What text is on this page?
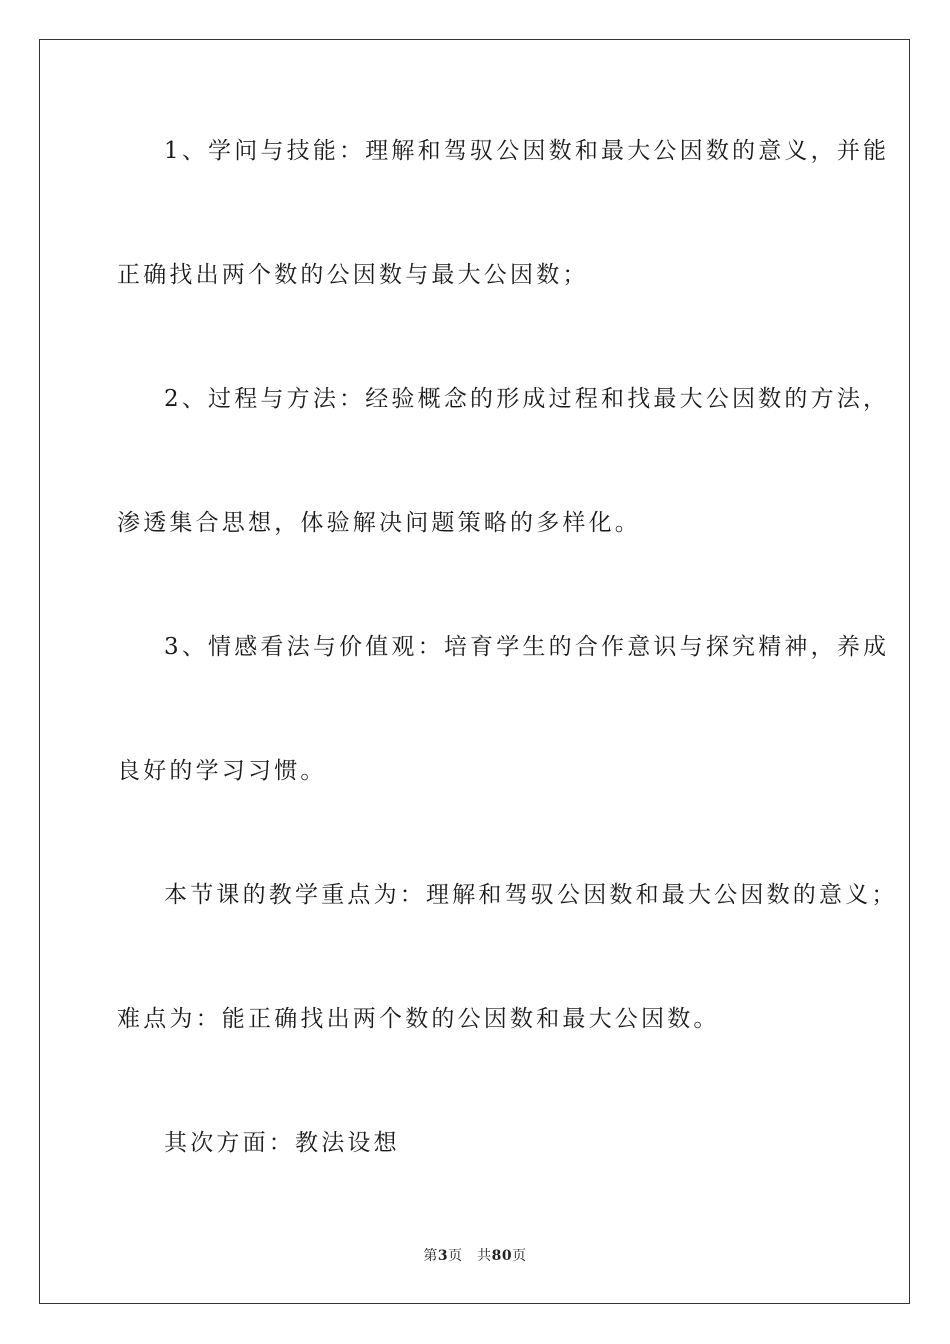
1、学问与技能：理解和驾驭公因数和最大公因数的意义，并能
正确找出两个数的公因数与最大公因数；
2、过程与方法：经验概念的形成过程和找最大公因数的方法，
渗透集合思想，体验解决问题策略的多样化。
3、情感看法与价值观：培育学生的合作意识与探究精神，养成
良好的学习习惯。
本节课的教学重点为：理解和驾驭公因数和最大公因数的意义；
难点为：能正确找出两个数的公因数和最大公因数。
其次方面：教法设想
第3页　共80页
